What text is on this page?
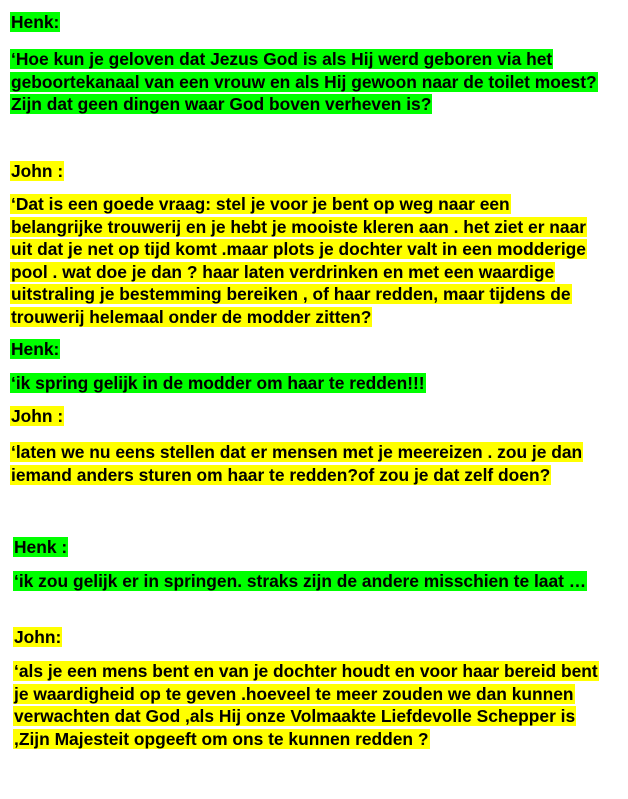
Henk:
‘Hoe kun je geloven dat Jezus God is als Hij werd geboren via het geboortekanaal van een vrouw en als Hij gewoon naar de toilet moest? Zijn dat geen dingen waar God boven verheven is?
John :
‘Dat is een goede vraag: stel je voor je bent op weg naar een belangrijke trouwerij en je hebt je mooiste kleren aan . het ziet er naar uit dat je net op tijd komt .maar plots je dochter valt in een modderige pool . wat doe je dan ? haar laten verdrinken en met een waardige uitstraling je bestemming bereiken , of haar redden, maar tijdens de trouwerij helemaal onder de modder zitten?
Henk:
‘ik spring gelijk in de modder om haar te redden!!!
John :
‘laten we nu eens stellen dat er mensen met je meereizen . zou je dan iemand anders sturen om haar te redden?of zou je dat zelf doen?
Henk :
‘ik zou gelijk er in springen. straks zijn de andere misschien te laat …
John:
‘als je een mens bent en van je dochter houdt en voor haar bereid bent je waardigheid op te geven .hoeveel te meer zouden we dan kunnen verwachten dat God ,als Hij onze Volmaakte Liefdevolle Schepper is ,Zijn Majesteit opgeeft om ons te kunnen redden ?
